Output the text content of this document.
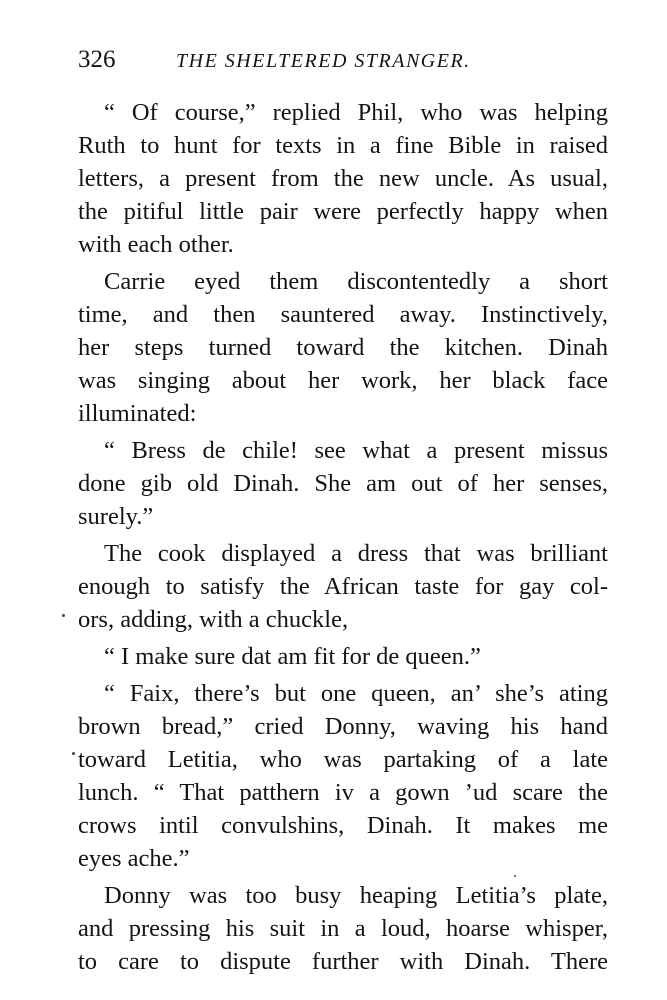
326	THE SHELTERED STRANGER.
“ Of course,” replied Phil, who was helping
Ruth to hunt for texts in a fine Bible in raised
letters, a present from the new uncle. As usual,
the pitiful little pair were perfectly happy when
with each other.
Carrie eyed them discontentedly a short
time, and then sauntered away. Instinctively,
her steps turned toward the kitchen. Dinah
was singing about her work, her black face
illuminated:
“ Bress de chile! see what a present missus
done gib old Dinah. She am out of her senses,
surely.”
The cook displayed a dress that was brilliant
enough to satisfy the African taste for gay col-
ors, adding, with a chuckle,
“ I make sure dat am fit for de queen.”
“ Faix, there’s but one queen, an’ she’s ating
brown bread,” cried Donny, waving his hand
toward Letitia, who was partaking of a late
lunch. “ That patthern iv a gown ’ud scare the
crows intil convulshins, Dinah. It makes me
eyes ache.”
Donny was too busy heaping Letitia’s plate,
and pressing his suit in a loud, hoarse whisper,
to care to dispute further with Dinah. There
